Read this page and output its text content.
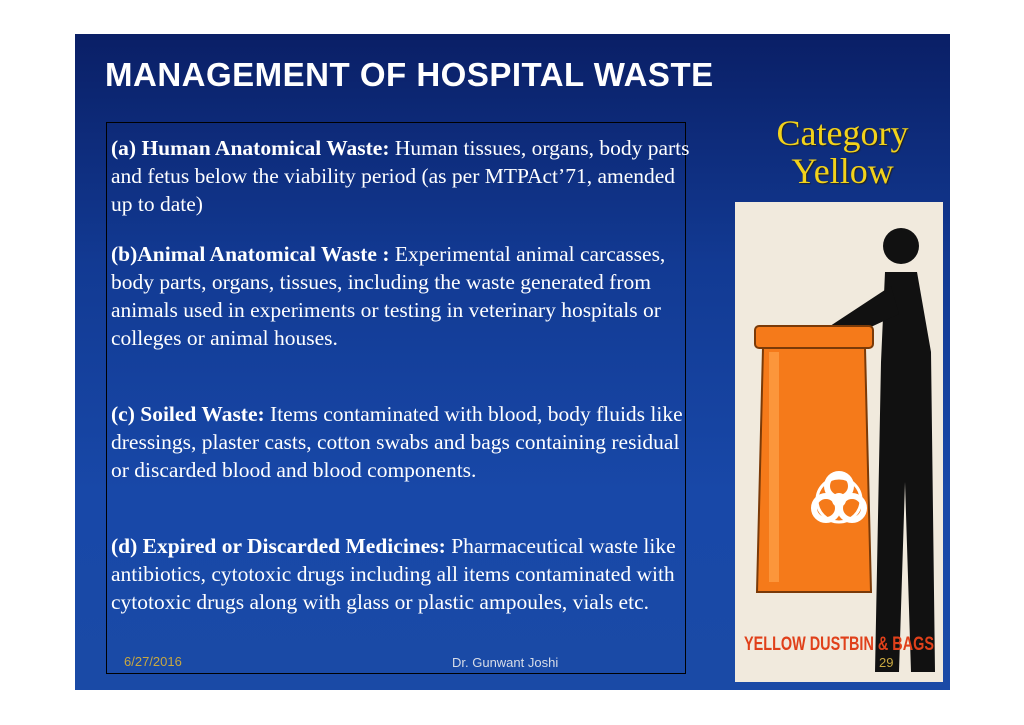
MANAGEMENT OF HOSPITAL WASTE
(a) Human Anatomical Waste: Human tissues, organs, body parts and fetus below the viability period (as per MTPAct’71, amended up to date)
(b)Animal Anatomical Waste : Experimental animal carcasses, body parts, organs, tissues, including the waste generated from animals used in experiments or testing in veterinary hospitals or colleges or animal houses.
(c) Soiled Waste: Items contaminated with blood, body fluids like dressings, plaster casts, cotton swabs and bags containing residual or discarded blood and blood components.
(d) Expired or Discarded Medicines: Pharmaceutical waste like antibiotics, cytotoxic drugs including all items contaminated with cytotoxic drugs along with glass or plastic ampoules, vials etc.
Category
Yellow
YELLOW DUSTBIN & BAGS
6/27/2016	Dr. Gunwant Joshi	29
